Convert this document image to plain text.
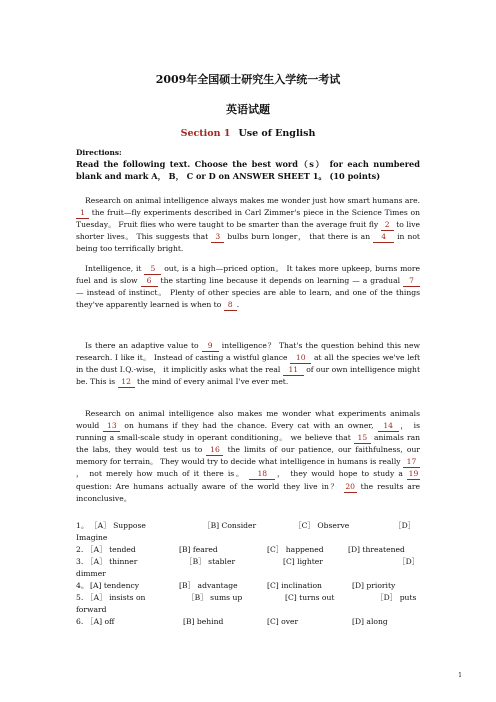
2009年全国硕士研究生入学统一考试
英语试题
Section 1 Use of English
Directions:
Read the following text. Choose the best word（s） for each numbered blank and mark A， B， C or D on ANSWER SHEET 1。 (10 points)

Research on animal intelligence always makes me wonder just how smart humans are. 1 the fruit—fly experiments described in Carl Zimmer's piece in the Science Times on Tuesday。 Fruit flies who were taught to be smarter than the average fruit fly 2 to live shorter lives。 This suggests that 3 bulbs burn longer， that there is an 4 in not being too terrifically bright.

Intelligence, it 5 out, is a high—priced option。 It takes more upkeep, burns more fuel and is slow 6 the starting line because it depends on learning — a gradual 7 — instead of instinct。 Plenty of other species are able to learn, and one of the things they've apparently learned is when to 8 .

Is there an adaptive value to 9 intelligence？ That's the question behind this new research. I like it。 Instead of casting a wistful glance 10 at all the species we've left in the dust I.Q.-wise， it implicitly asks what the real 11 of our own intelligence might be. This is 12 the mind of every animal I've ever met.

Research on animal intelligence also makes me wonder what experiments animals would 13 on humans if they had the chance. Every cat with an owner, 14 ， is running a small-scale study in operant conditioning。 we believe that 15 animals ran the labs, they would test us to 16 the limits of our patience, our faithfulness, our memory for terrain。 They would try to decide what intelligence in humans is really 17， not merely how much of it there is。 18 ， they would hope to study a 19 question: Are humans actually aware of the world they live in？ 20 the results are inconclusive。

1。 ［A］ Suppose	［B] Consider	［C］ Observe	［D］
Imagine
2. ［A］ tended	[B] feared	[C］ happened	[D] threatened
3. ［A］ thinner	［B］ stabler	[C] lighter	［D］
dimmer
4。 [A] tendency	[B］ advantage	[C] inclination	[D] priority
5. ［A］ insists on	［B］ sums up	[C] turns out	［D］ puts
forward
6. ［A] off	[B] behind	[C] over	[D] along
1
